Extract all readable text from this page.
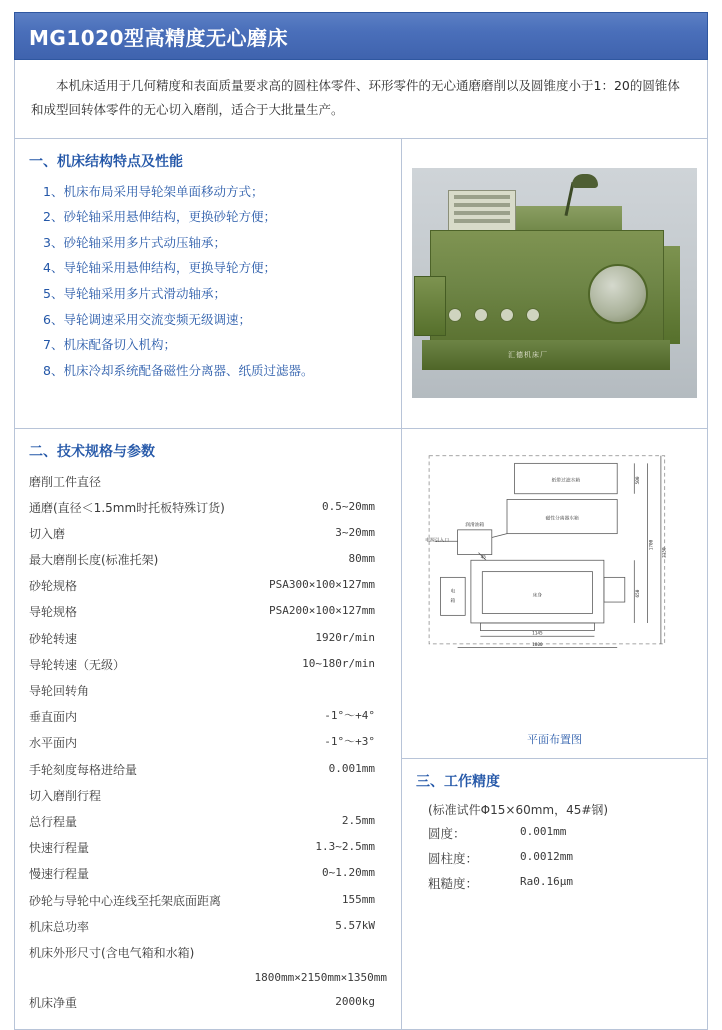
MG1020型高精度无心磨床
本机床适用于几何精度和表面质量要求高的圆柱体零件、环形零件的无心通磨磨削以及圆锥度小于1：20的圆锥体和成型回转体零件的无心切入磨削，适合于大批量生产。
一、机床结构特点及性能
1、机床布局采用导轮架单面移动方式；
2、砂轮轴采用悬伸结构，更换砂轮方便；
3、砂轮轴采用多片式动压轴承；
4、导轮轴采用悬伸结构，更换导轮方便；
5、导轮轴采用多片式滑动轴承；
6、导轮调速采用交流变频无级调速；
7、机床配备切入机构；
8、机床冷却系统配备磁性分离器、纸质过滤器。
二、技术规格与参数
磨削工件直径	
通磨(直径＜1.5mm时托板特殊订货)	0.5~20mm
切入磨	3~20mm
最大磨削长度(标准托架)	80mm
砂轮规格	PSA300×100×127mm
导轮规格	PSA200×100×127mm
砂轮转速	1920r/min
导轮转速（无级）	10~180r/min
导轮回转角	
垂直面内	-1°～+4°
水平面内	-1°～+3°
手轮刻度每格进给量	0.001mm
切入磨削行程	
总行程量	2.5mm
快速行程量	1.3~2.5mm
慢速行程量	0~1.20mm
砂轮与导轮中心连线至托架底面距离	155mm
机床总功率	5.57kW
机床外形尺寸(含电气箱和水箱)	
1800mm×2150mm×1350mm	
机床净重	2000kg
汇德机床厂
纸带过滤水箱
磁性分离器水箱
润滑油箱
床身
电
箱
电源引入口
500
1700
2150
650
1145
1800
45
平面布置图
三、工作精度
(标准试件Φ15×60mm，45#钢)
圆度：	0.001mm
圆柱度：	0.0012mm
粗糙度：	Ra0.16μm
